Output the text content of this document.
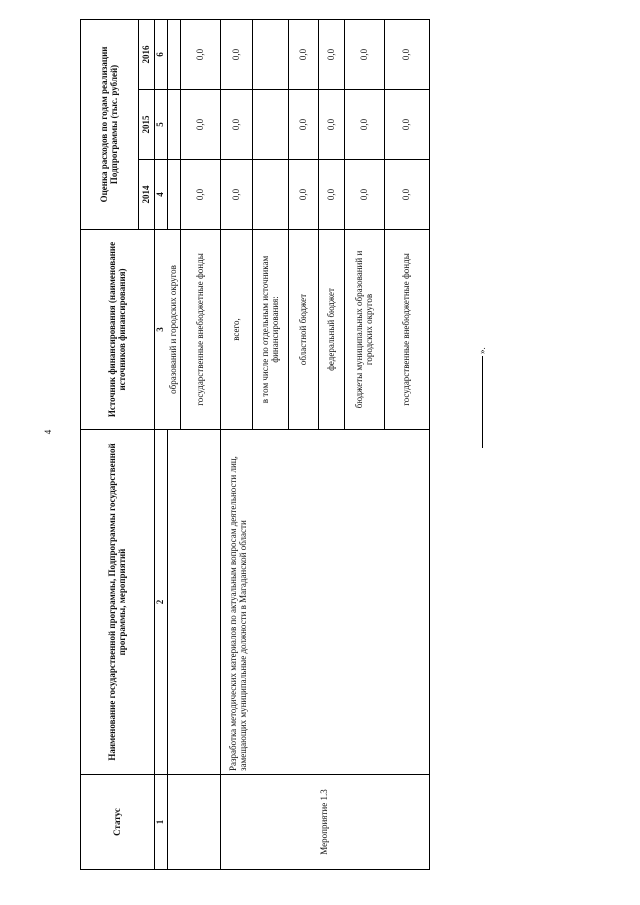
4
Статус	Наименование государственной программы, Подпрограммы государственной программы, мероприятий	Источник финансирования (наименование источников финансирования)	Оценка расходов по годам реализации Подпрограммы (тыс. рублей)		
			2014	2015	2016
1	2	3	4	5	6
		образований и городских округов			
		государственные внебюджетные фонды	0,0	0,0	0,0
Мероприятие 1.3	Разработка методических материалов по актуальным вопросам деятельности лиц, замещающих муниципальные должности в Магаданской области	всего,	0,0	0,0	0,0
		в том числе по отдельным источникам финансирования:			
		областной бюджет	0,0	0,0	0,0
		федеральный бюджет	0,0	0,0	0,0
		бюджеты муниципальных образований и городских округов	0,0	0,0	0,0
		государственные внебюджетные фонды	0,0	0,0	0,0
».
